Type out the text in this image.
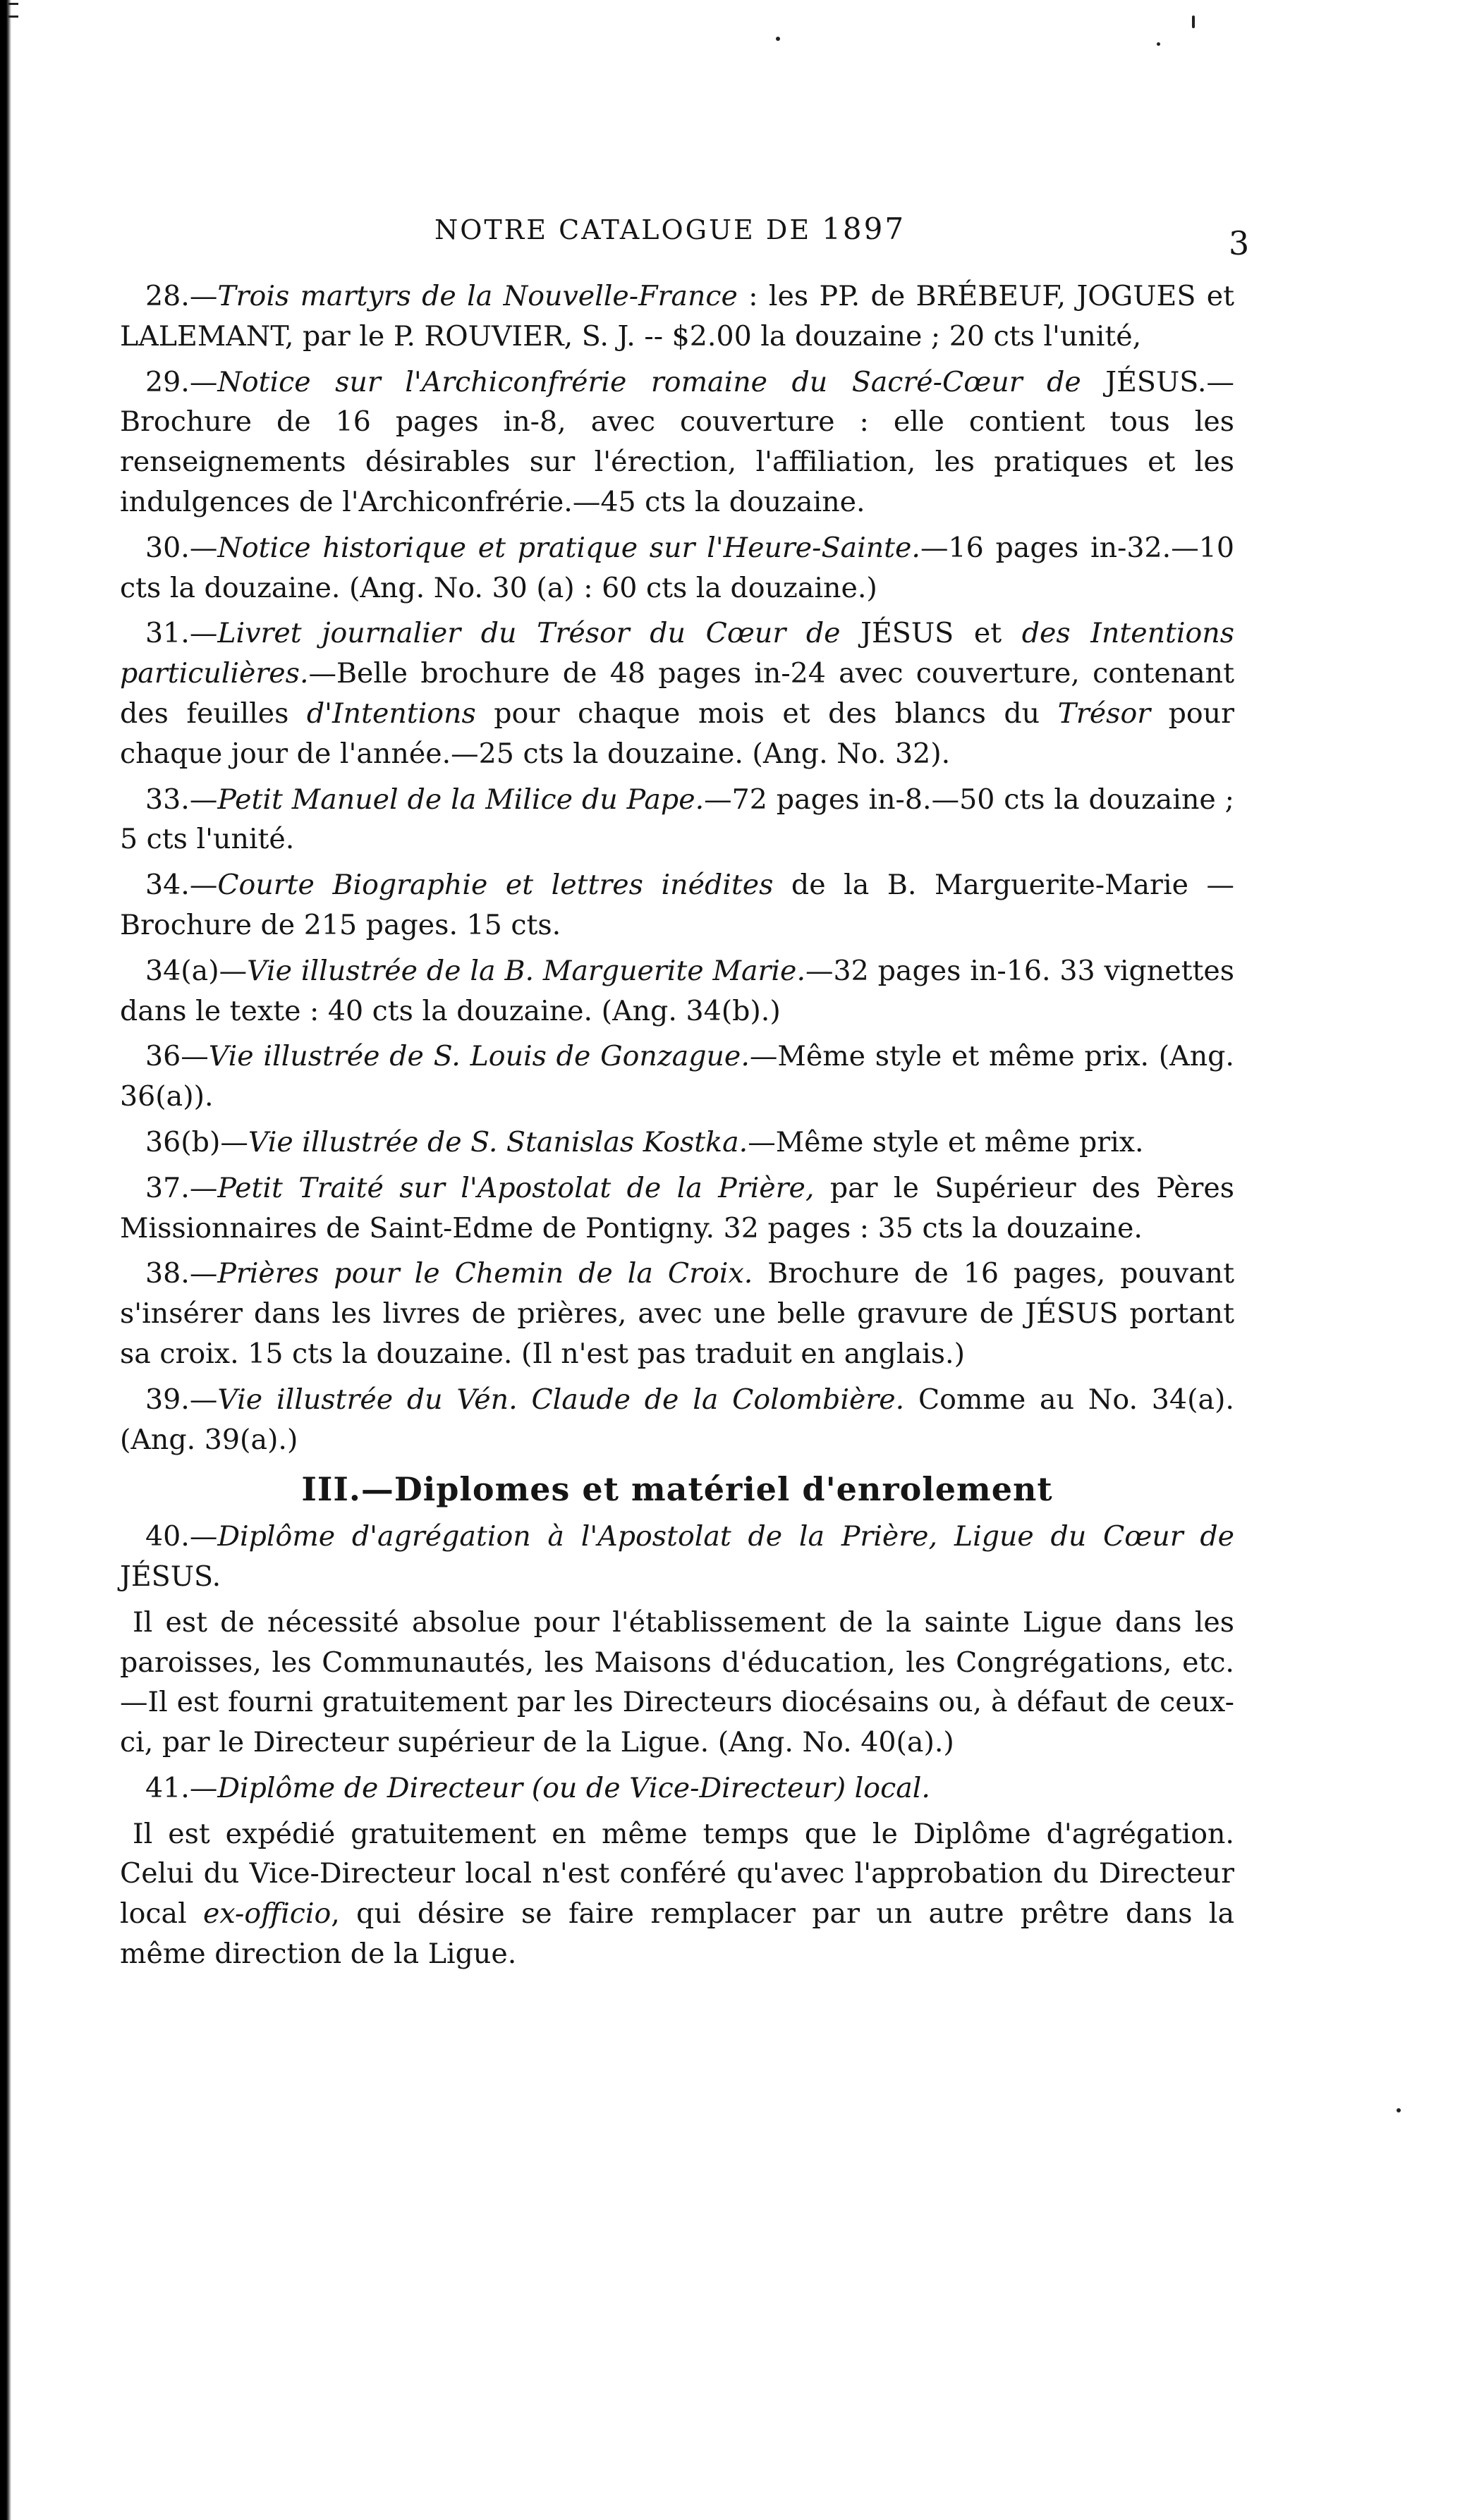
NOTRE CATALOGUE DE 1897	3

28.—Trois martyrs de la Nouvelle-France : les PP. de BRÉBEUF, JOGUES et LALEMANT, par le P. ROUVIER, S. J. -- $2.00 la douzaine ; 20 cts l'unité,

29.—Notice sur l'Archiconfrérie romaine du Sacré-Cœur de JÉSUS.—Brochure de 16 pages in-8, avec couverture : elle contient tous les renseignements désirables sur l'érection, l'affiliation, les pratiques et les indulgences de l'Archiconfrérie.—45 cts la douzaine.

30.—Notice historique et pratique sur l'Heure-Sainte.—16 pages in-32.—10 cts la douzaine. (Ang. No. 30 (a) : 60 cts la douzaine.)

31.—Livret journalier du Trésor du Cœur de JÉSUS et des Intentions particulières.—Belle brochure de 48 pages in-24 avec couverture, contenant des feuilles d'Intentions pour chaque mois et des blancs du Trésor pour chaque jour de l'année.—25 cts la douzaine. (Ang. No. 32).

33.—Petit Manuel de la Milice du Pape.—72 pages in-8.—50 cts la douzaine ; 5 cts l'unité.

34.—Courte Biographie et lettres inédites de la B. Marguerite-Marie —Brochure de 215 pages. 15 cts.

34(a)—Vie illustrée de la B. Marguerite Marie.—32 pages in-16. 33 vignettes dans le texte : 40 cts la douzaine. (Ang. 34(b).)

36—Vie illustrée de S. Louis de Gonzague.—Même style et même prix. (Ang. 36(a)).

36(b)—Vie illustrée de S. Stanislas Kostka.—Même style et même prix.

37.—Petit Traité sur l'Apostolat de la Prière, par le Supérieur des Pères Missionnaires de Saint-Edme de Pontigny. 32 pages : 35 cts la douzaine.

38.—Prières pour le Chemin de la Croix. Brochure de 16 pages, pouvant s'insérer dans les livres de prières, avec une belle gravure de JÉSUS portant sa croix. 15 cts la douzaine. (Il n'est pas traduit en anglais.)

39.—Vie illustrée du Vén. Claude de la Colombière. Comme au No. 34(a). (Ang. 39(a).)

III.—Diplomes et matériel d'enrolement

40.—Diplôme d'agrégation à l'Apostolat de la Prière, Ligue du Cœur de JÉSUS.

Il est de nécessité absolue pour l'établissement de la sainte Ligue dans les paroisses, les Communautés, les Maisons d'éducation, les Congrégations, etc.—Il est fourni gratuitement par les Directeurs diocésains ou, à défaut de ceux-ci, par le Directeur supérieur de la Ligue. (Ang. No. 40(a).)

41.—Diplôme de Directeur (ou de Vice-Directeur) local.

Il est expédié gratuitement en même temps que le Diplôme d'agrégation. Celui du Vice-Directeur local n'est conféré qu'avec l'approbation du Directeur local ex-officio, qui désire se faire remplacer par un autre prêtre dans la même direction de la Ligue.
